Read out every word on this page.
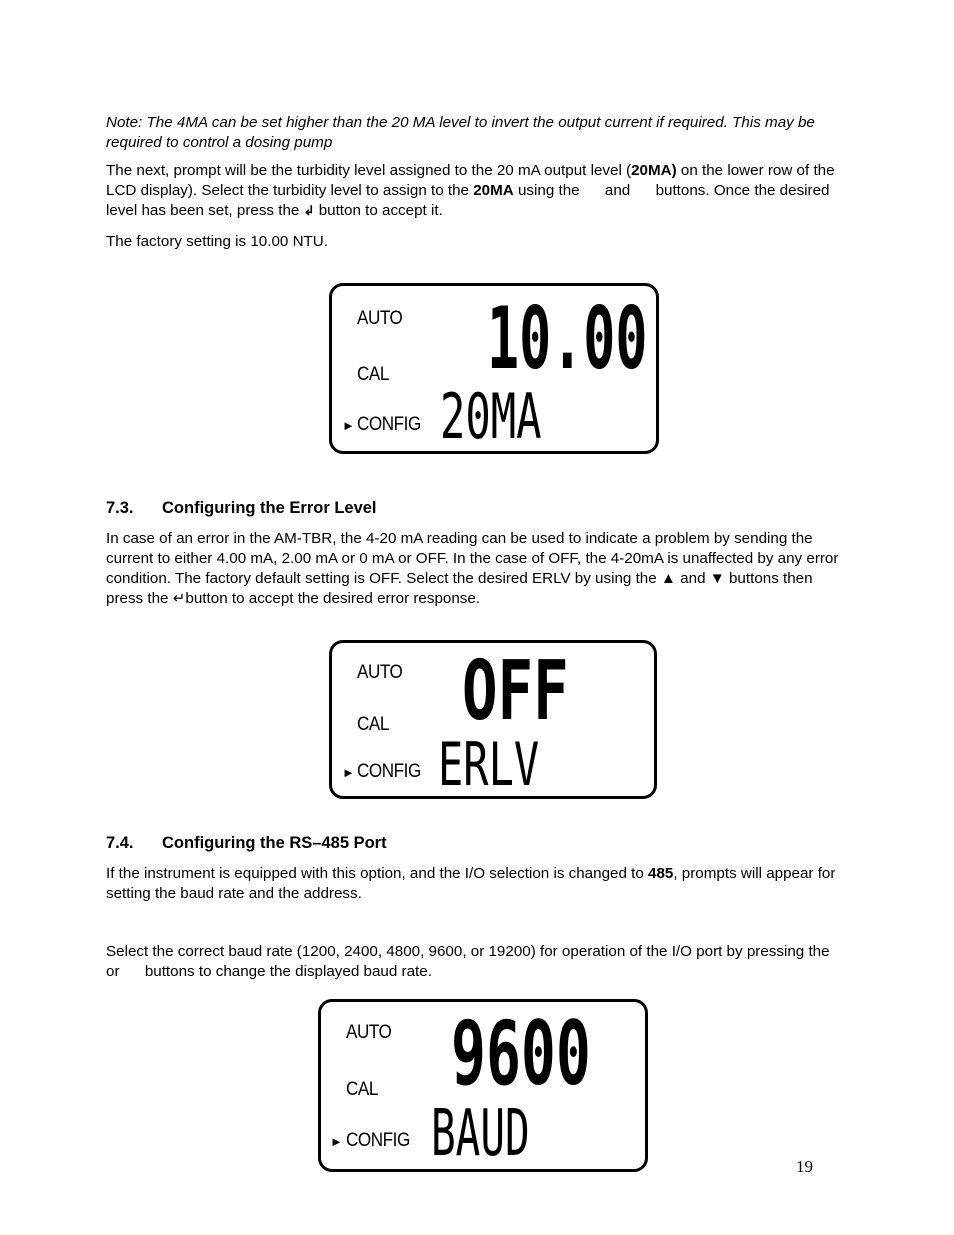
Note: The 4MA can be set higher than the 20 MA level to invert the output current if required. This may be required to control a dosing pump

The next, prompt will be the turbidity level assigned to the 20 mA output level (20MA) on the lower row of the LCD display). Select the turbidity level to assign to the 20MA using the      and      buttons. Once the desired level has been set, press the ↲ button to accept it.

The factory setting is 10.00 NTU.

AUTO
CAL
► CONFIG
10.00
20MA
7.3. Configuring the Error Level

In case of an error in the AM-TBR, the 4-20 mA reading can be used to indicate a problem by sending the current to either 4.00 mA, 2.00 mA or 0 mA or OFF. In the case of OFF, the 4-20mA is unaffected by any error condition. The factory default setting is OFF. Select the desired ERLV by using the ▲ and ▼ buttons then press the ↵button to accept the desired error response.

AUTO
CAL
► CONFIG
OFF
ERLV
7.4. Configuring the RS–485 Port

If the instrument is equipped with this option, and the I/O selection is changed to 485, prompts will appear for setting the baud rate and the address.

Select the correct baud rate (1200, 2400, 4800, 9600, or 19200) for operation of the I/O port by pressing the      or      buttons to change the displayed baud rate.

AUTO
CAL
► CONFIG
9600
BAUD	19
